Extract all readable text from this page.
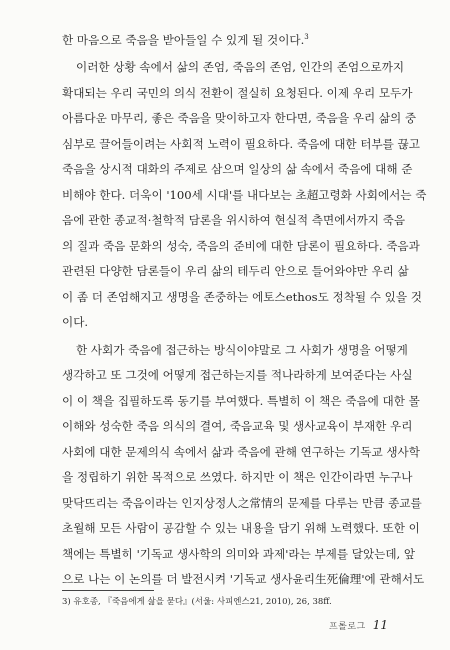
한 마음으로 죽음을 받아들일 수 있게 될 것이다.$^3$
이러한 상황 속에서 삶의 존엄, 죽음의 존엄, 인간의 존엄으로까지
확대되는 우리 국민의 의식 전환이 절실히 요청된다. 이제 우리 모두가
아름다운 마무리, 좋은 죽음을 맞이하고자 한다면, 죽음을 우리 삶의 중
심부로 끌어들이려는 사회적 노력이 필요하다. 죽음에 대한 터부를 끊고
죽음을 상시적 대화의 주제로 삼으며 일상의 삶 속에서 죽음에 대해 준
비해야 한다. 더욱이 '100세 시대'를 내다보는 초超고령화 사회에서는 죽
음에 관한 종교적·철학적 담론을 위시하여 현실적 측면에서까지 죽음
의 질과 죽음 문화의 성숙, 죽음의 준비에 대한 담론이 필요하다. 죽음과
관련된 다양한 담론들이 우리 삶의 테두리 안으로 들어와야만 우리 삶
이 좀 더 존엄해지고 생명을 존중하는 에토스ethos도 정착될 수 있을 것
이다.
한 사회가 죽음에 접근하는 방식이야말로 그 사회가 생명을 어떻게
생각하고 또 그것에 어떻게 접근하는지를 적나라하게 보여준다는 사실
이 이 책을 집필하도록 동기를 부여했다. 특별히 이 책은 죽음에 대한 몰
이해와 성숙한 죽음 의식의 결여, 죽음교육 및 생사교육이 부재한 우리
사회에 대한 문제의식 속에서 삶과 죽음에 관해 연구하는 기독교 생사학
을 정립하기 위한 목적으로 쓰였다. 하지만 이 책은 인간이라면 누구나
맞닥뜨리는 죽음이라는 인지상정人之常情의 문제를 다루는 만큼 종교를
초월해 모든 사람이 공감할 수 있는 내용을 담기 위해 노력했다. 또한 이
책에는 특별히 '기독교 생사학의 의미와 과제'라는 부제를 달았는데, 앞
으로 나는 이 논의를 더 발전시켜 '기독교 생사윤리生死倫理'에 관해서도
3) 유호종, 『죽음에게 삶을 묻다』(서울: 사피엔스21, 2010), 26, 38ff.
프롤로그 11
